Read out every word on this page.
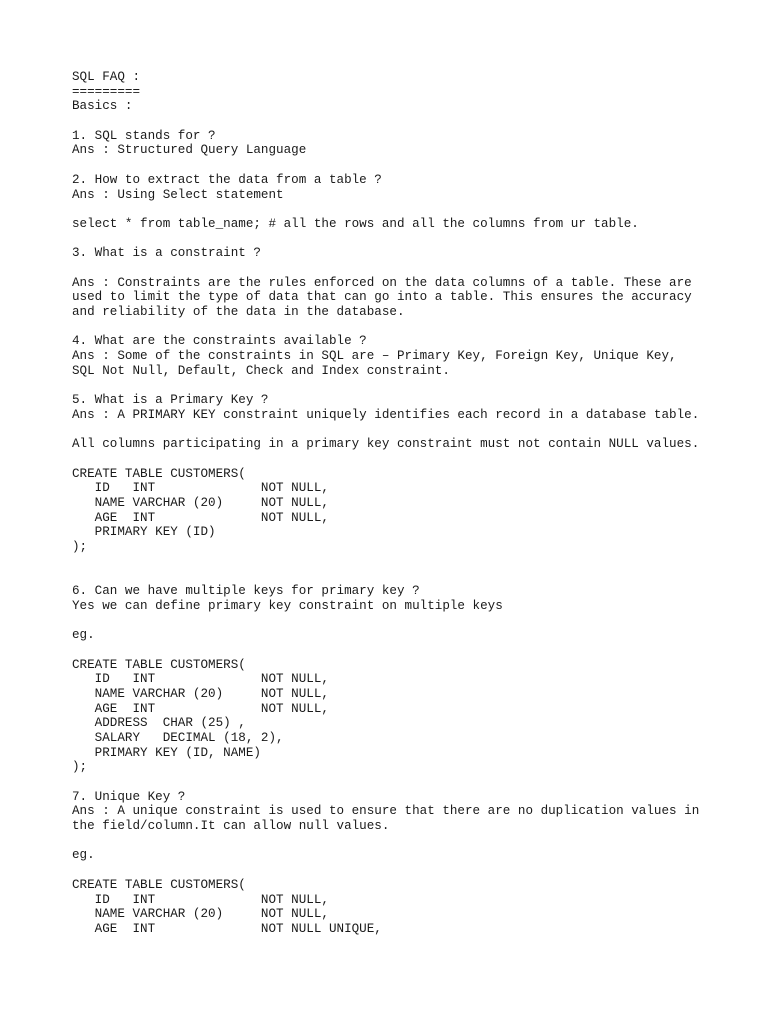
SQL FAQ :
=========
Basics :
1. SQL stands for ?
Ans : Structured Query Language
2. How to extract the data from a table ?
Ans : Using Select statement
select * from table_name; # all the rows and all the columns from ur table.
3. What is a constraint ?
Ans : Constraints are the rules enforced on the data columns of a table. These are
used to limit the type of data that can go into a table. This ensures the accuracy
and reliability of the data in the database.
4. What are the constraints available ?
Ans : Some of the constraints in SQL are – Primary Key, Foreign Key, Unique Key,
SQL Not Null, Default, Check and Index constraint.
5. What is a Primary Key ?
Ans : A PRIMARY KEY constraint uniquely identifies each record in a database table.
All columns participating in a primary key constraint must not contain NULL values.
CREATE TABLE CUSTOMERS(
ID   INT              NOT NULL,
NAME VARCHAR (20)     NOT NULL,
AGE  INT              NOT NULL,
PRIMARY KEY (ID)
);
6. Can we have multiple keys for primary key ?
Yes we can define primary key constraint on multiple keys
eg.
CREATE TABLE CUSTOMERS(
ID   INT              NOT NULL,
NAME VARCHAR (20)     NOT NULL,
AGE  INT              NOT NULL,
ADDRESS  CHAR (25) ,
SALARY   DECIMAL (18, 2),
PRIMARY KEY (ID, NAME)
);
7. Unique Key ?
Ans : A unique constraint is used to ensure that there are no duplication values in
the field/column.It can allow null values.
eg.
CREATE TABLE CUSTOMERS(
ID   INT              NOT NULL,
NAME VARCHAR (20)     NOT NULL,
AGE  INT              NOT NULL UNIQUE,
